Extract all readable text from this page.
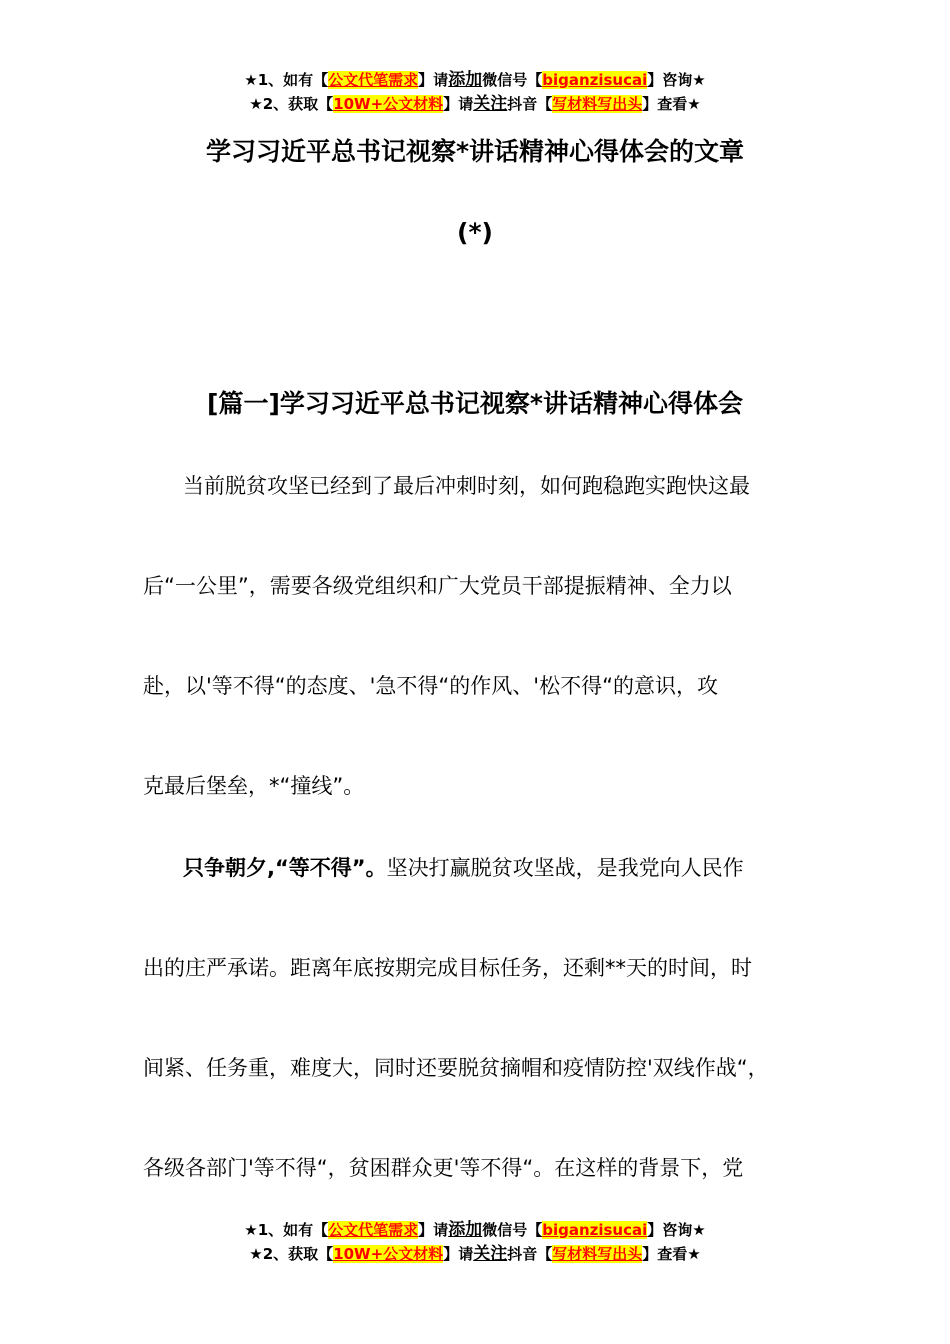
★1、如有【公文代笔需求】请添加微信号【biganzisucai】咨询★
★2、获取【10W+公文材料】请关注抖音【写材料写出头】查看★
学习习近平总书记视察*讲话精神心得体会的文章
(*)
[篇一]学习习近平总书记视察*讲话精神心得体会
当前脱贫攻坚已经到了最后冲刺时刻，如何跑稳跑实跑快这最
后“一公里”，需要各级党组织和广大党员干部提振精神、全力以
赴，以'等不得“的态度、'急不得“的作风、'松不得“的意识，攻
克最后堡垒，*“撞线”。
只争朝夕,“等不得”。坚决打赢脱贫攻坚战，是我党向人民作
出的庄严承诺。距离年底按期完成目标任务，还剩**天的时间，时
间紧、任务重，难度大，同时还要脱贫摘帽和疫情防控'双线作战“，
各级各部门'等不得“，贫困群众更'等不得“。在这样的背景下，党
★1、如有【公文代笔需求】请添加微信号【biganzisucai】咨询★
★2、获取【10W+公文材料】请关注抖音【写材料写出头】查看★
